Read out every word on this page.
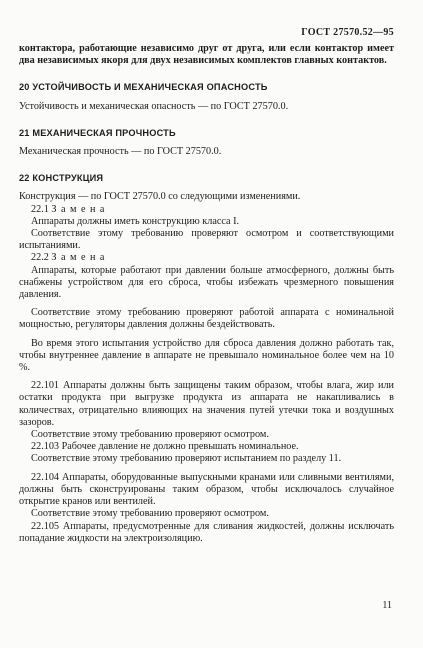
ГОСТ 27570.52—95

контактора, работающие независимо друг от друга, или если контактор имеет два независимых якоря для двух независимых комплектов главных контактов.

20 УСТОЙЧИВОСТЬ И МЕХАНИЧЕСКАЯ ОПАСНОСТЬ

Устойчивость и механическая опасность — по ГОСТ 27570.0.

21 МЕХАНИЧЕСКАЯ ПРОЧНОСТЬ

Механическая прочность — по ГОСТ 27570.0.

22 КОНСТРУКЦИЯ

Конструкция — по ГОСТ 27570.0 со следующими изменениями.

22.1 Замена

Аппараты должны иметь конструкцию класса I.

Соответствие этому требованию проверяют осмотром и соответствующими испытаниями.

22.2 Замена

Аппараты, которые работают при давлении больше атмосферного, должны быть снабжены устройством для его сброса, чтобы избежать чрезмерного повышения давления.

Соответствие этому требованию проверяют работой аппарата с номинальной мощностью, регуляторы давления должны бездействовать.

Во время этого испытания устройство для сброса давления должно работать так, чтобы внутреннее давление в аппарате не превышало номинальное более чем на 10 %.

22.101 Аппараты должны быть защищены таким образом, чтобы влага, жир или остатки продукта при выгрузке продукта из аппарата не накапливались в количествах, отрицательно влияющих на значения путей утечки тока и воздушных зазоров.

Соответствие этому требованию проверяют осмотром.

22.103 Рабочее давление не должно превышать номинальное.

Соответствие этому требованию проверяют испытанием по разделу 11.

22.104 Аппараты, оборудованные выпускными кранами или сливными вентилями, должны быть сконструированы таким образом, чтобы исключалось случайное открытие кранов или вентилей.

Соответствие этому требованию проверяют осмотром.

22.105 Аппараты, предусмотренные для сливания жидкостей, должны исключать попадание жидкости на электроизоляцию.

11
